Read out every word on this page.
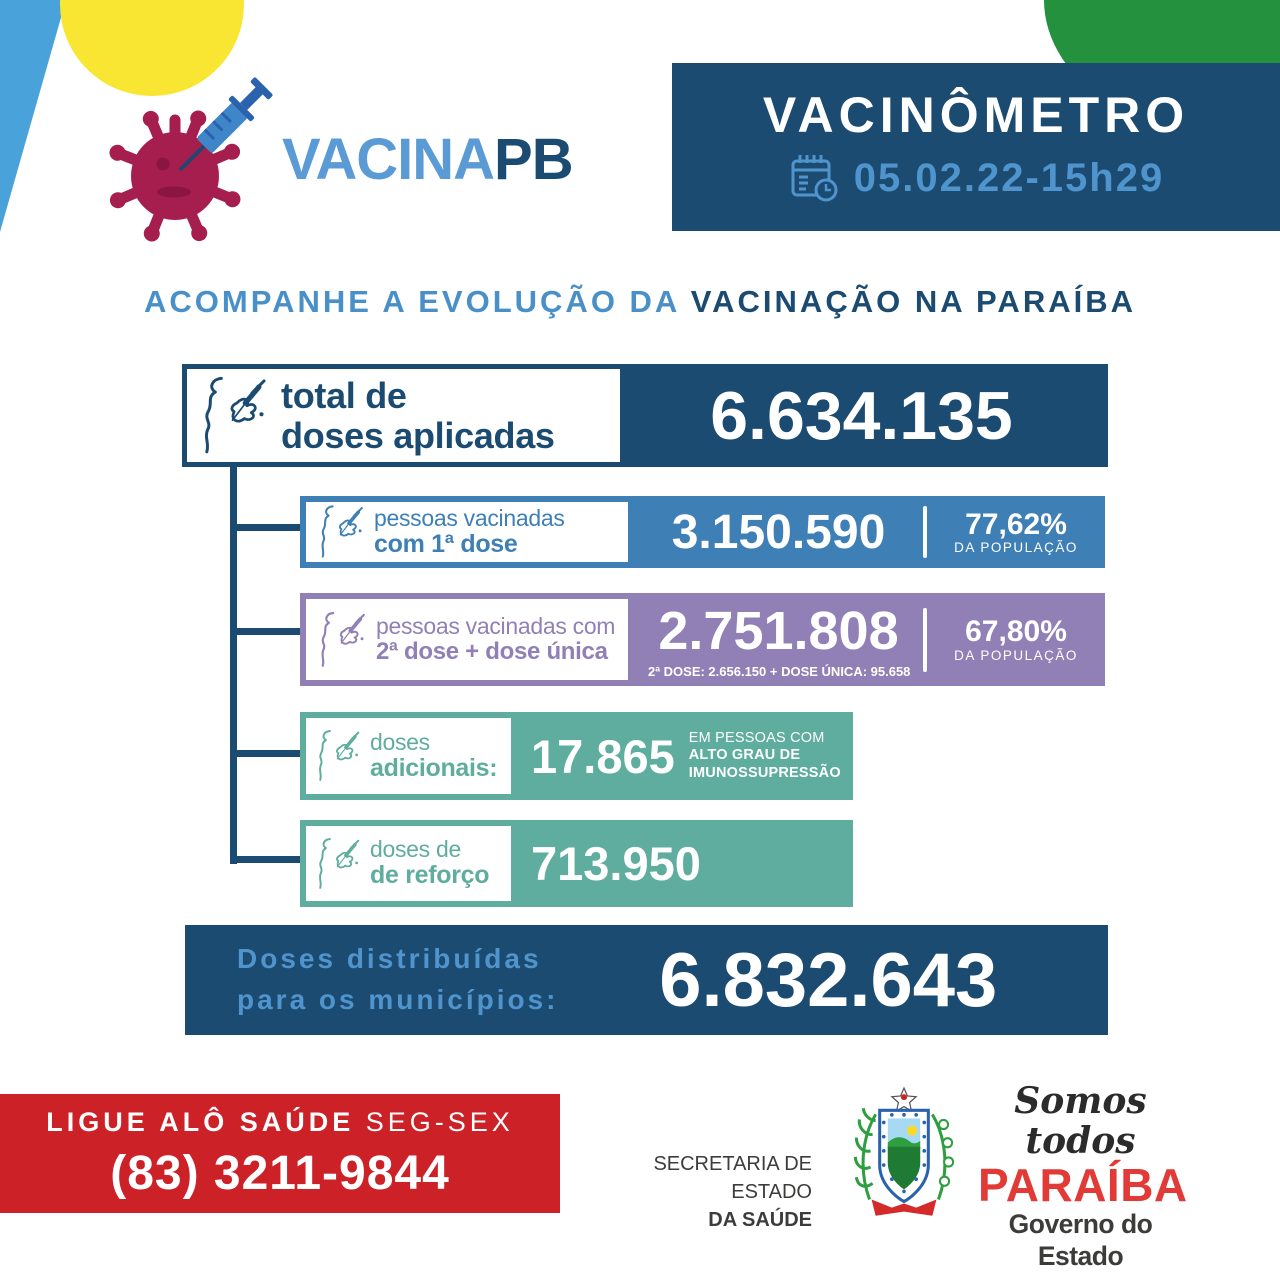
VACINAPB
VACINÔMETRO
05.02.22-15h29
ACOMPANHE A EVOLUÇÃO DA VACINAÇÃO NA PARAÍBA
total de
doses aplicadas	6.634.135
pessoas vacinadas
com 1ª dose	3.150.590	77,62%
DA POPULAÇÃO
pessoas vacinadas com
2ª dose + dose única 2.751.808
2ª DOSE: 2.656.150 + DOSE ÚNICA: 95.658
67,80%
DA POPULAÇÃO
doses
adicionais: 17.865 EM PESSOAS COM
ALTO GRAU DE
IMUNOSSUPRESSÃO
doses de
de reforço 713.950
Doses distribuídas
para os municípios:	6.832.643
LIGUE ALÔ SAÚDE SEG-SEX
(83) 3211-9844	SECRETARIA DE ESTADO
DA SAÚDE
Somos todos
PARAÍBA
Governo do Estado
